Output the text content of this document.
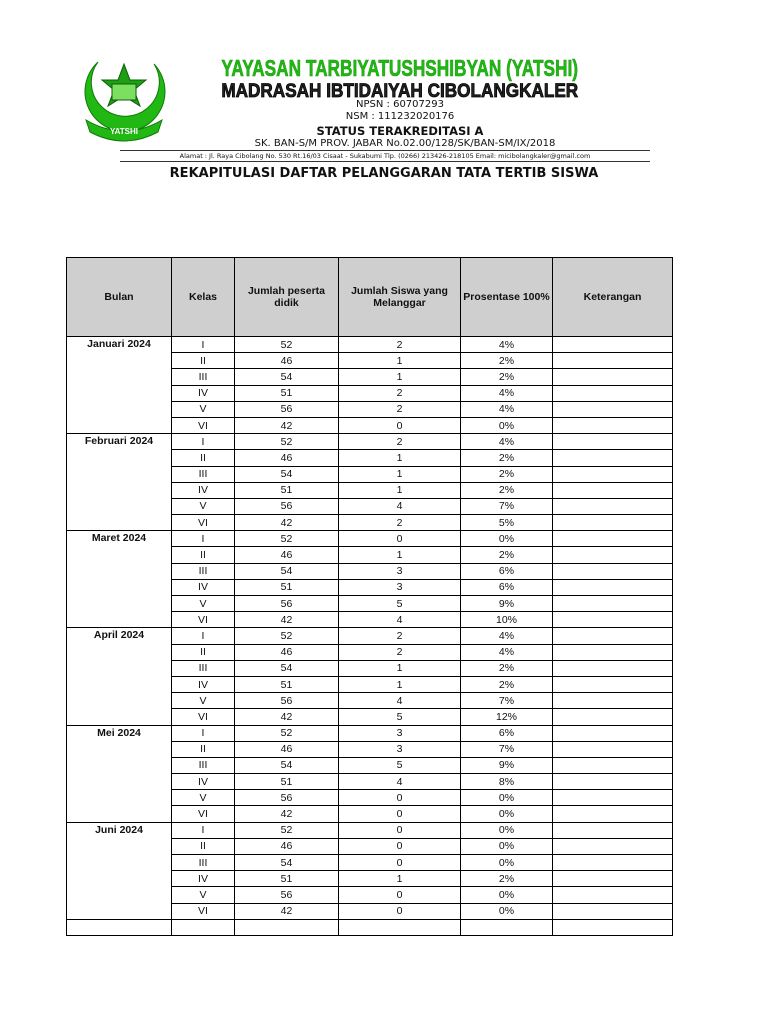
YATSHI
YAYASAN TARBIYATUSHSHIBYAN (YATSHI)
MADRASAH IBTIDAIYAH CIBOLANGKALER
NPSN : 60707293
NSM : 111232020176
STATUS TERAKREDITASI A
SK. BAN-S/M PROV. JABAR No.02.00/128/SK/BAN-SM/IX/2018
Alamat : Jl. Raya Cibolang No. 530 Rt.16/03 Cisaat - Sukabumi Tlp. (0266) 213426-218105 Email: micibolangkaler@gmail.com
REKAPITULASI DAFTAR PELANGGARAN TATA TERTIB SISWA
Bulan	Kelas	Jumlah peserta didik	Jumlah Siswa yang Melanggar	Prosentase 100%	Keterangan
Januari 2024	I	52	2	4%	
	II	46	1	2%	
	III	54	1	2%	
	IV	51	2	4%	
	V	56	2	4%	
	VI	42	0	0%	
Februari 2024	I	52	2	4%	
	II	46	1	2%	
	III	54	1	2%	
	IV	51	1	2%	
	V	56	4	7%	
	VI	42	2	5%	
Maret 2024	I	52	0	0%	
	II	46	1	2%	
	III	54	3	6%	
	IV	51	3	6%	
	V	56	5	9%	
	VI	42	4	10%	
April 2024	I	52	2	4%	
	II	46	2	4%	
	III	54	1	2%	
	IV	51	1	2%	
	V	56	4	7%	
	VI	42	5	12%	
Mei 2024	I	52	3	6%	
	II	46	3	7%	
	III	54	5	9%	
	IV	51	4	8%	
	V	56	0	0%	
	VI	42	0	0%	
Juni 2024	I	52	0	0%	
	II	46	0	0%	
	III	54	0	0%	
	IV	51	1	2%	
	V	56	0	0%	
	VI	42	0	0%	
